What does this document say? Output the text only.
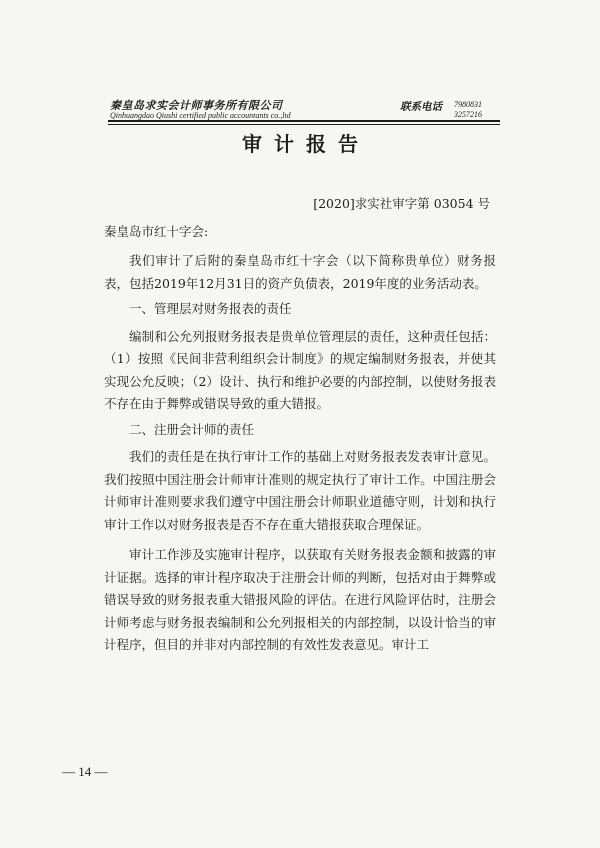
秦皇岛求实会计师事务所有限公司
Qinhuangdao Qiushi certified public accountants co.,ltd
联系电话 7980831
3257216
审计报告
[2020]求实社审字第 03054 号
秦皇岛市红十字会:

我们审计了后附的秦皇岛市红十字会（以下简称贵单位）财务报表，包括2019年12月31日的资产负债表，2019年度的业务活动表。

一、管理层对财务报表的责任

编制和公允列报财务报表是贵单位管理层的责任，这种责任包括：（1）按照《民间非营利组织会计制度》的规定编制财务报表，并使其实现公允反映；（2）设计、执行和维护必要的内部控制，以使财务报表不存在由于舞弊或错误导致的重大错报。

二、注册会计师的责任

我们的责任是在执行审计工作的基础上对财务报表发表审计意见。我们按照中国注册会计师审计准则的规定执行了审计工作。中国注册会计师审计准则要求我们遵守中国注册会计师职业道德守则，计划和执行审计工作以对财务报表是否不存在重大错报获取合理保证。

审计工作涉及实施审计程序，以获取有关财务报表金额和披露的审计证据。选择的审计程序取决于注册会计师的判断，包括对由于舞弊或错误导致的财务报表重大错报风险的评估。在进行风险评估时，注册会计师考虑与财务报表编制和公允列报相关的内部控制，以设计恰当的审计程序，但目的并非对内部控制的有效性发表意见。审计工

— 14 —
